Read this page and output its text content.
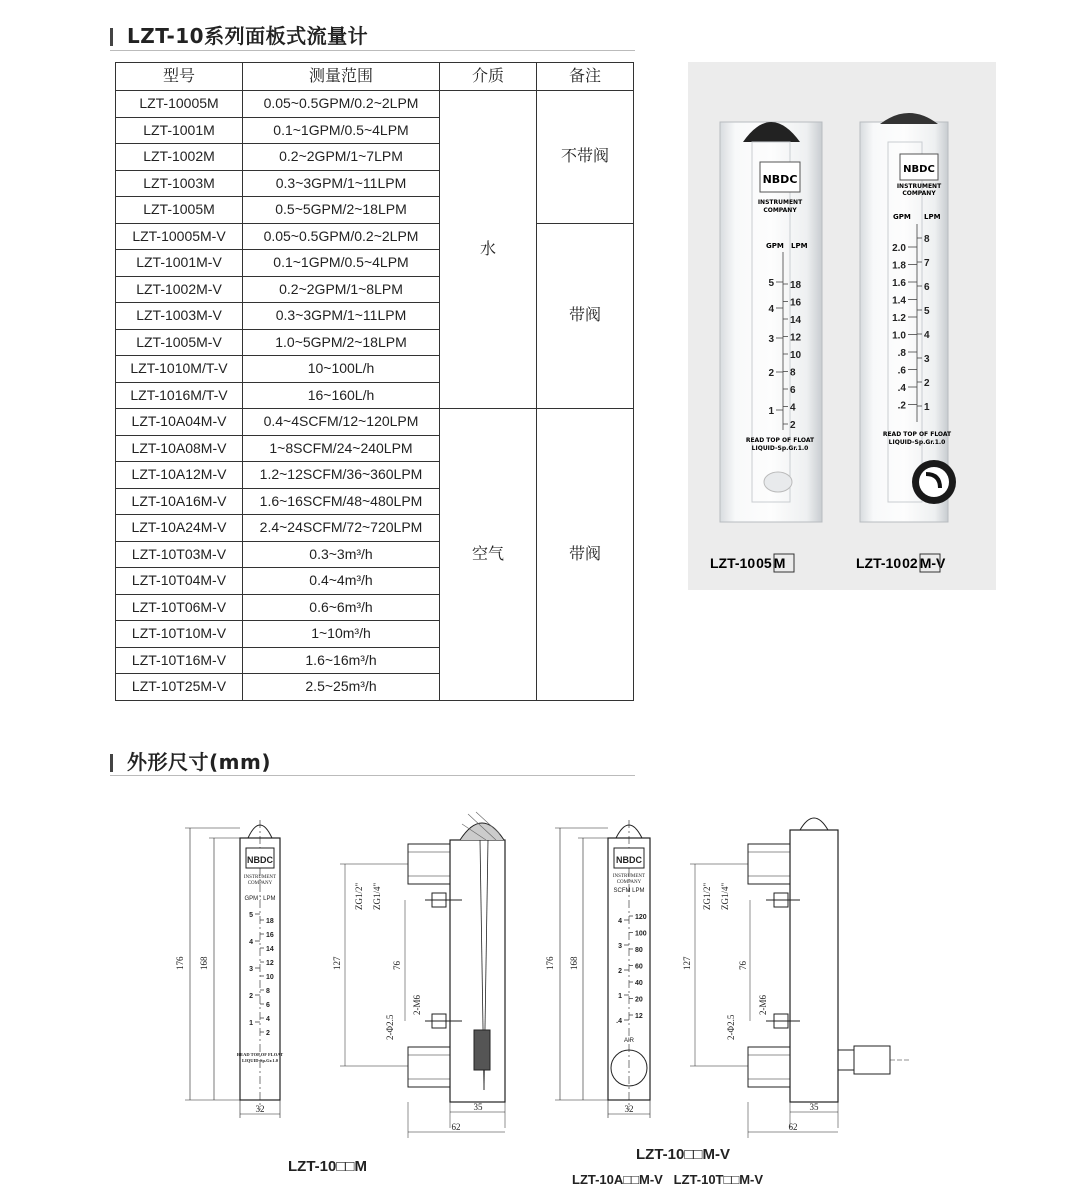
LZT-10系列面板式流量计
型号	测量范围	介质	备注
LZT-10005M	0.05~0.5GPM/0.2~2LPM	水	不带阀
LZT-1001M	0.1~1GPM/0.5~4LPM		
LZT-1002M	0.2~2GPM/1~7LPM		
LZT-1003M	0.3~3GPM/1~11LPM		
LZT-1005M	0.5~5GPM/2~18LPM		
LZT-10005M-V	0.05~0.5GPM/0.2~2LPM		带阀
LZT-1001M-V	0.1~1GPM/0.5~4LPM		
LZT-1002M-V	0.2~2GPM/1~8LPM		
LZT-1003M-V	0.3~3GPM/1~11LPM		
LZT-1005M-V	1.0~5GPM/2~18LPM		
LZT-1010M/T-V	10~100L/h		
LZT-1016M/T-V	16~160L/h		
LZT-10A04M-V	0.4~4SCFM/12~120LPM	空气	带阀
LZT-10A08M-V	1~8SCFM/24~240LPM		
LZT-10A12M-V	1.2~12SCFM/36~360LPM		
LZT-10A16M-V	1.6~16SCFM/48~480LPM		
LZT-10A24M-V	2.4~24SCFM/72~720LPM		
LZT-10T03M-V	0.3~3m³/h		
LZT-10T04M-V	0.4~4m³/h		
LZT-10T06M-V	0.6~6m³/h		
LZT-10T10M-V	1~10m³/h		
LZT-10T16M-V	1.6~16m³/h		
LZT-10T25M-V	2.5~25m³/h		
NBDC
INSTRUMENT
COMPANY
GPM LPM
5
4
3
2
1
18
16
14
12
10
8
6
4
2
READ TOP OF FLOAT
LIQUID-Sp.Gr.1.0
NBDC
INSTRUMENT
COMPANY
GPM LPM
2.0
1.8
1.6
1.4
1.2
1.0
.8
.6
.4
.2
8
7
6
5
4
3
2
1
READ TOP OF FLOAT
LIQUID-Sp.Gr.1.0
LZT-1005 M	LZT-1002 M-V
外形尺寸(mm)
NBDC
INSTRUMENT
COMPANY
GPM : LPM
5
4
3
2
1
18
16
14
12
10
8
6
4
2
READ TOP OF FLOAT
LIQUID-Sp.Gr.1.0
176 168
32
127	76
ZG1/2" ZG1/4"
2-M6
2-Φ2.5
35
62
NBDC
INSTRUMENT
COMPANY
SCFM LPM
4
3
2
1
.4
120
100
80
60
40
20
12
AIR
176 168
32
127	76
ZG1/2" ZG1/4"
2-M6
2-Φ2.5
35
62
LZT-10□□M
LZT-10□□M-V
LZT-10A□□M-V   LZT-10T□□M-V
